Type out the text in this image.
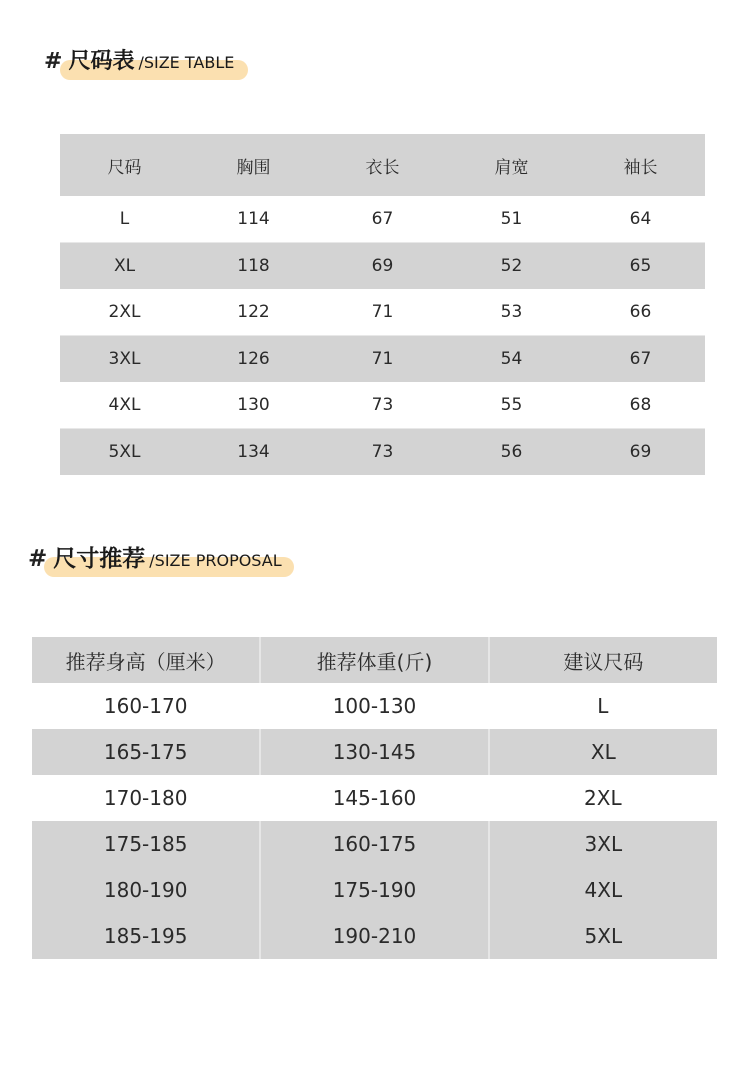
# 尺码表 /SIZE TABLE
尺码	胸围	衣长	肩宽	袖长
L	114	67	51	64
XL	118	69	52	65
2XL	122	71	53	66
3XL	126	71	54	67
4XL	130	73	55	68
5XL	134	73	56	69
# 尺寸推荐 /SIZE PROPOSAL
推荐身高（厘米）	推荐体重(斤)	建议尺码
160-170	100-130	L
165-175	130-145	XL
170-180	145-160	2XL
175-185	160-175	3XL
180-190	175-190	4XL
185-195	190-210	5XL
